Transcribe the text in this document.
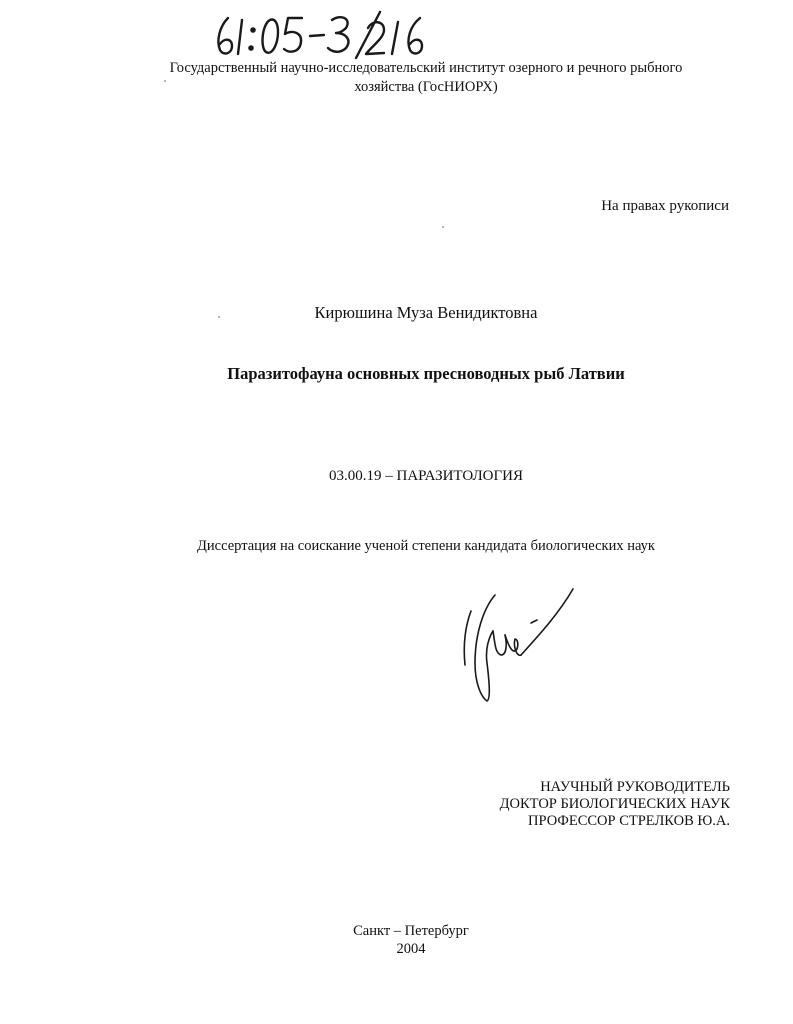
Государственный научно-исследовательский институт озерного и речного рыбного
хозяйства (ГосНИОРХ)
На правах рукописи
Кирюшина Муза Венидиктовна
Паразитофауна основных пресноводных рыб Латвии
03.00.19 – ПАРАЗИТОЛОГИЯ
Диссертация на соискание ученой степени кандидата биологических наук
НАУЧНЫЙ РУКОВОДИТЕЛЬ
ДОКТОР БИОЛОГИЧЕСКИХ НАУК
ПРОФЕССОР СТРЕЛКОВ Ю.А.
Санкт – Петербург
2004
